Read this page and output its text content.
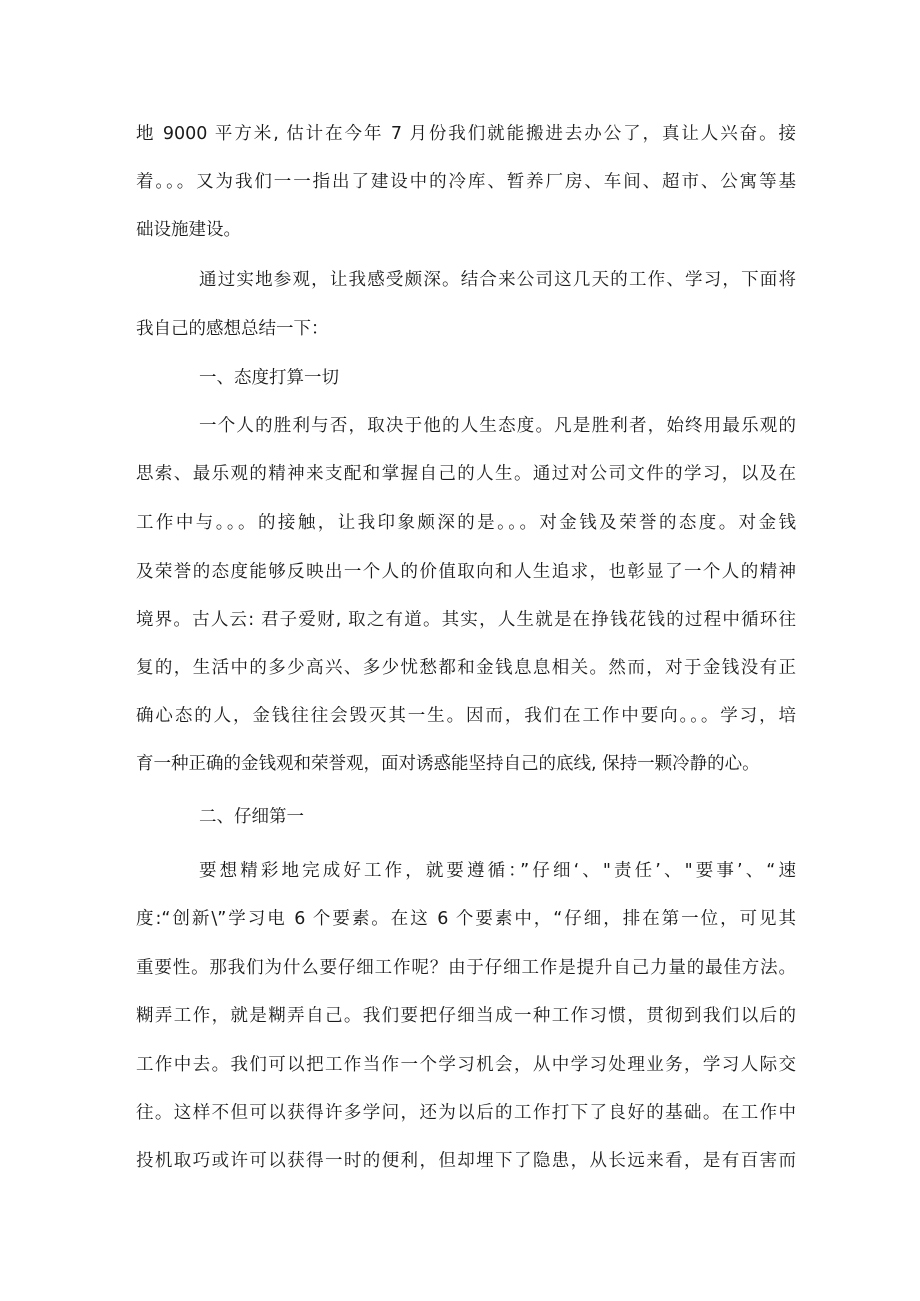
地 9000 平方米, 估计在今年 7 月份我们就能搬进去办公了，真让人兴奋。接
着。。。又为我们一一指出了建设中的冷库、暂养厂房、车间、超市、公寓等基
础设施建设。
通过实地参观，让我感受颇深。结合来公司这几天的工作、学习，下面将
我自己的感想总结一下：
一、态度打算一切
一个人的胜利与否，取决于他的人生态度。凡是胜利者，始终用最乐观的
思索、最乐观的精神来支配和掌握自己的人生。通过对公司文件的学习，以及在
工作中与。。。的接触，让我印象颇深的是。。。对金钱及荣誉的态度。对金钱
及荣誉的态度能够反映出一个人的价值取向和人生追求，也彰显了一个人的精神
境界。古人云: 君子爱财, 取之有道。其实，人生就是在挣钱花钱的过程中循环往
复的，生活中的多少高兴、多少忧愁都和金钱息息相关。然而，对于金钱没有正
确心态的人，金钱往往会毁灭其一生。因而，我们在工作中要向。。。学习，培
育一种正确的金钱观和荣誉观，面对诱惑能坚持自己的底线, 保持一颗冷静的心。
二、仔细第一
要想精彩地完成好工作，就要遵循：”仔细‘、"责任’、"要事’、“速
度:“创新\”学习电 6 个要素。在这 6 个要素中，“仔细，排在第一位，可见其
重要性。那我们为什么要仔细工作呢？由于仔细工作是提升自己力量的最佳方法。
糊弄工作，就是糊弄自己。我们要把仔细当成一种工作习惯，贯彻到我们以后的
工作中去。我们可以把工作当作一个学习机会，从中学习处理业务，学习人际交
往。这样不但可以获得许多学问，还为以后的工作打下了良好的基础。在工作中
投机取巧或许可以获得一时的便利，但却埋下了隐患，从长远来看，是有百害而
